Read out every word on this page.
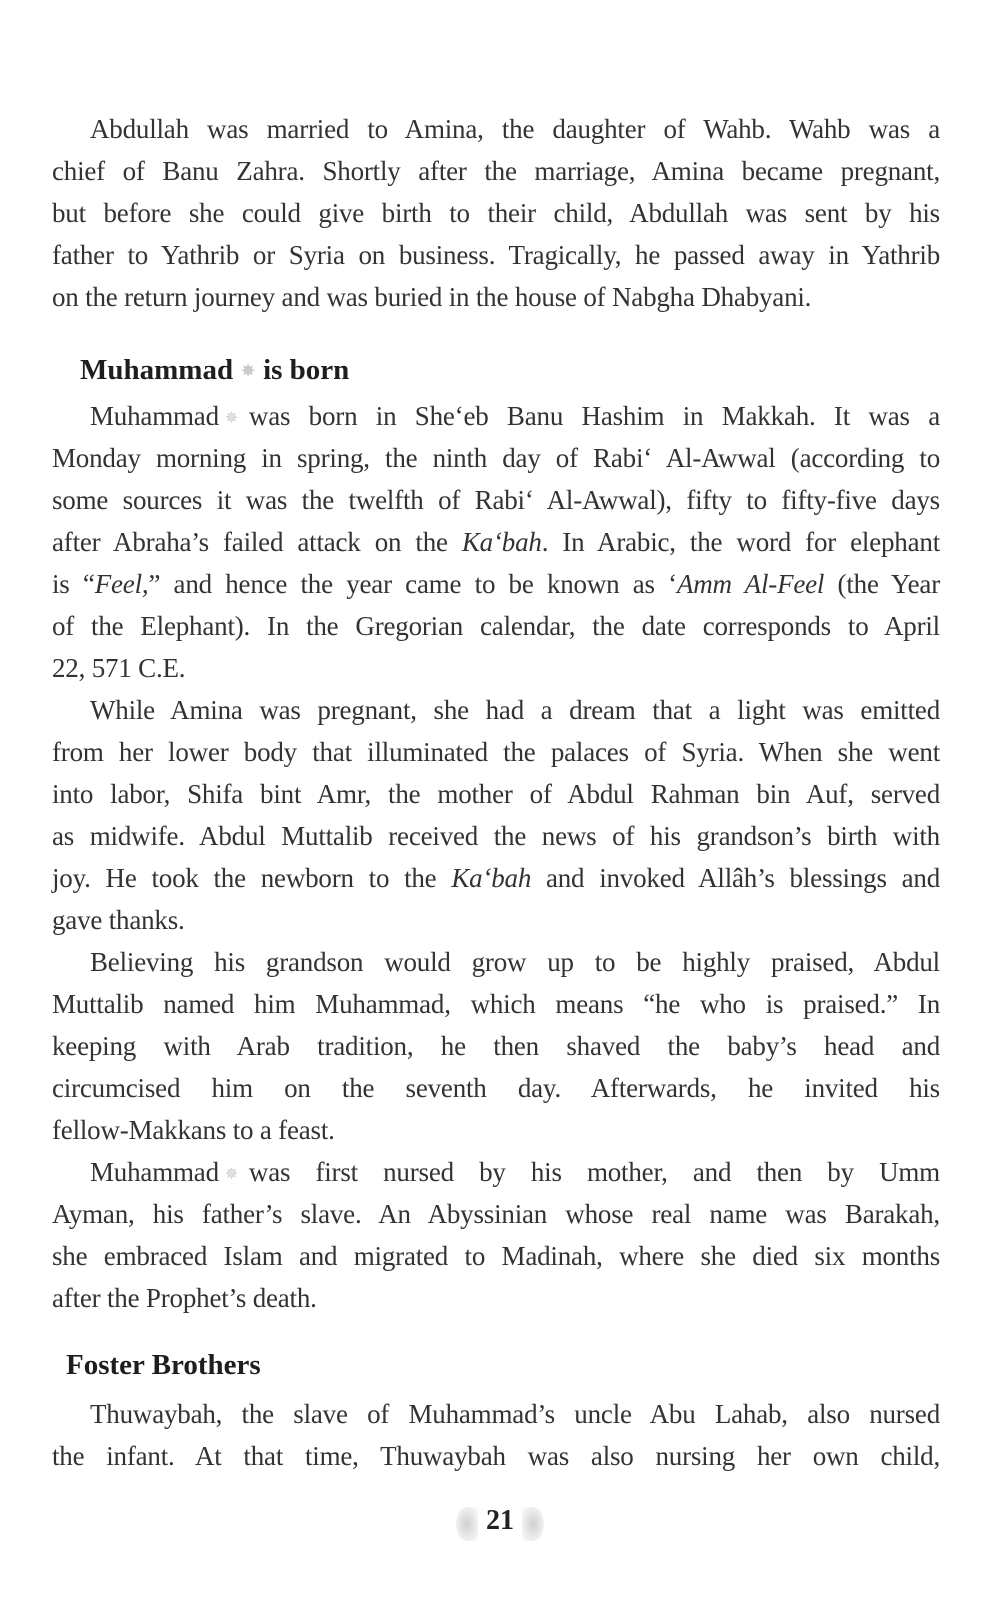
Abdullah was married to Amina, the daughter of Wahb. Wahb was a
chief of Banu Zahra. Shortly after the marriage, Amina became pregnant,
but before she could give birth to their child, Abdullah was sent by his
father to Yathrib or Syria on business. Tragically, he passed away in Yathrib
on the return journey and was buried in the house of Nabgha Dhabyani.
Muhammad ✵ is born
Muhammad ✵ was born in She‘eb Banu Hashim in Makkah. It was a
Monday morning in spring, the ninth day of Rabi‘ Al-Awwal (according to
some sources it was the twelfth of Rabi‘ Al-Awwal), fifty to fifty-five days
after Abraha’s failed attack on the Ka‘bah. In Arabic, the word for elephant
is “Feel,” and hence the year came to be known as ‘Amm Al-Feel (the Year
of the Elephant). In the Gregorian calendar, the date corresponds to April
22, 571 C.E.
While Amina was pregnant, she had a dream that a light was emitted
from her lower body that illuminated the palaces of Syria. When she went
into labor, Shifa bint Amr, the mother of Abdul Rahman bin Auf, served
as midwife. Abdul Muttalib received the news of his grandson’s birth with
joy. He took the newborn to the Ka‘bah and invoked Allâh’s blessings and
gave thanks.
Believing his grandson would grow up to be highly praised, Abdul
Muttalib named him Muhammad, which means “he who is praised.” In
keeping with Arab tradition, he then shaved the baby’s head and
circumcised him on the seventh day. Afterwards, he invited his
fellow-Makkans to a feast.
Muhammad ✵ was first nursed by his mother, and then by Umm
Ayman, his father’s slave. An Abyssinian whose real name was Barakah,
she embraced Islam and migrated to Madinah, where she died six months
after the Prophet’s death.
Foster Brothers
Thuwaybah, the slave of Muhammad’s uncle Abu Lahab, also nursed
the infant. At that time, Thuwaybah was also nursing her own child,
21
